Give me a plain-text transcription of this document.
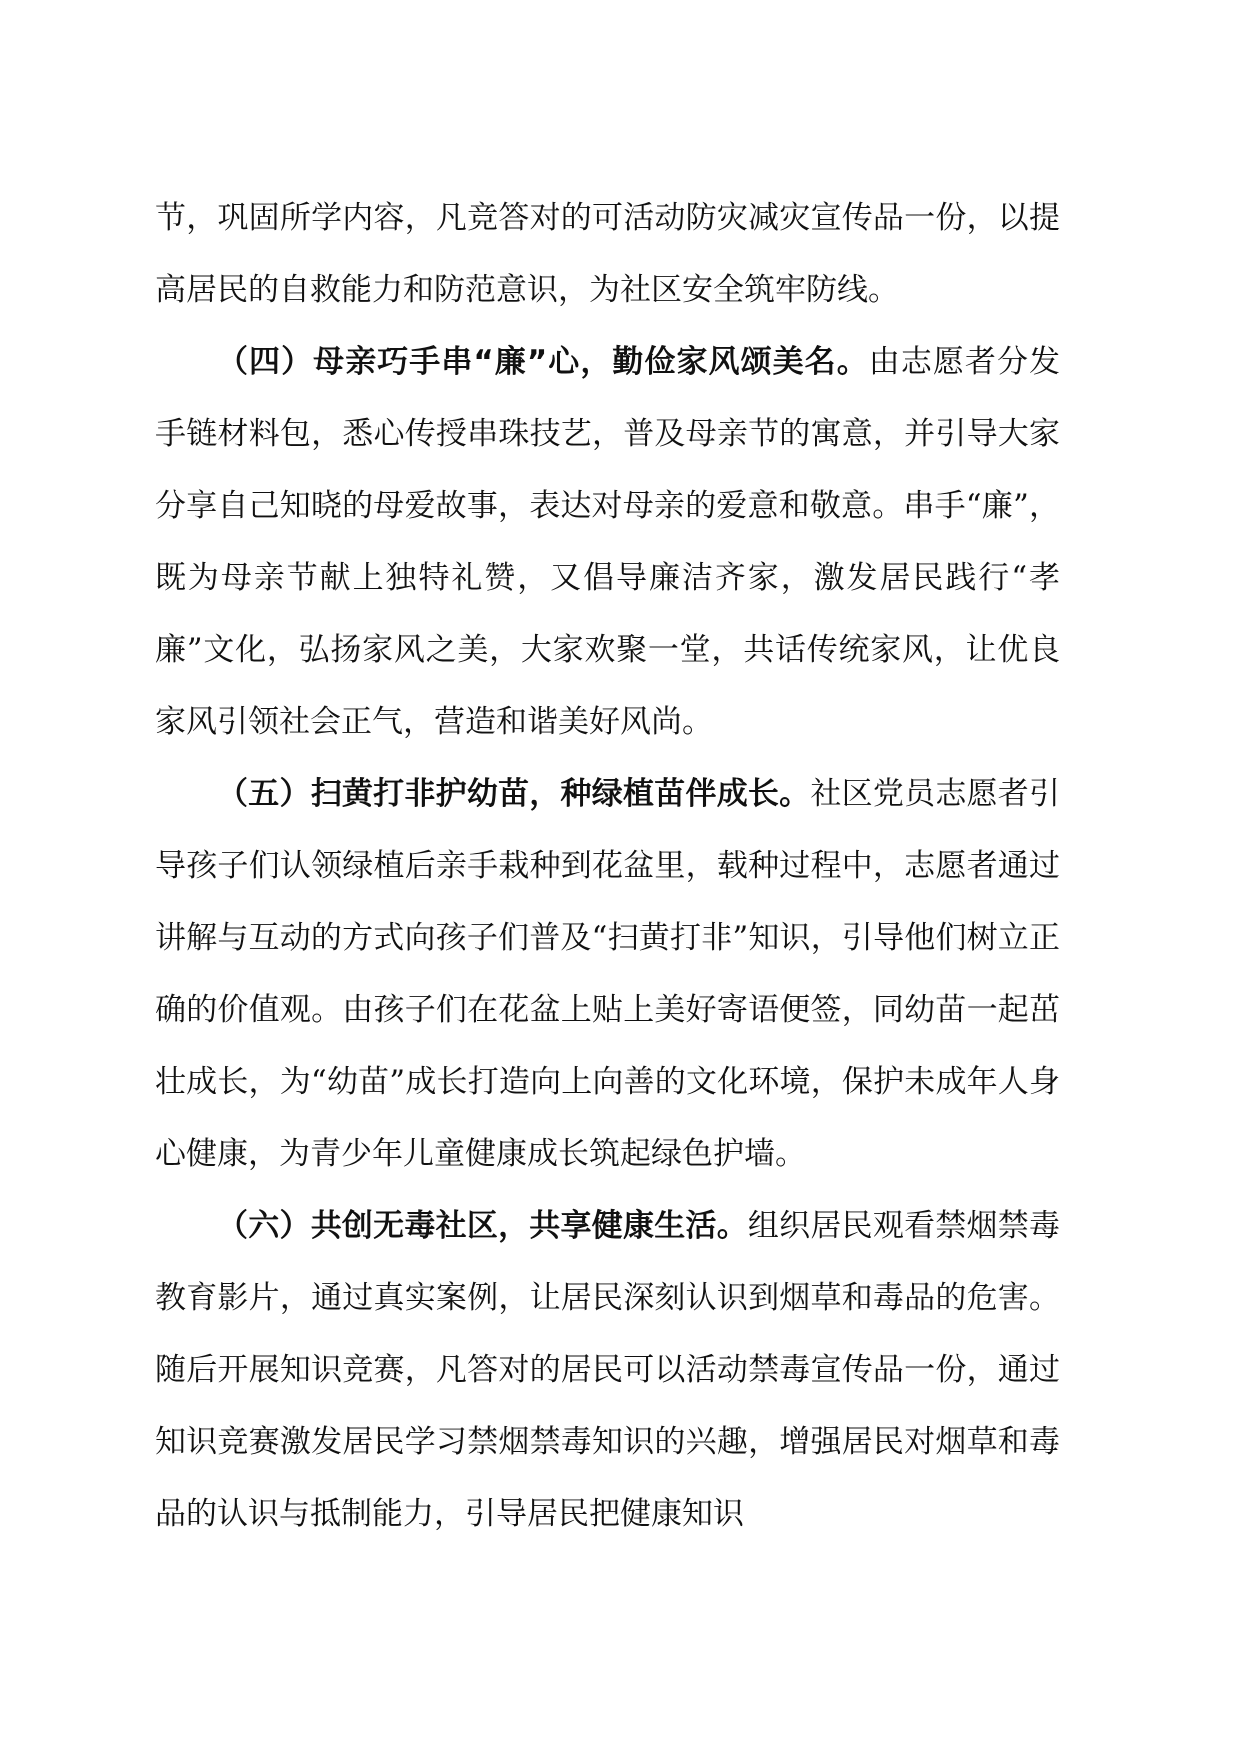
节，巩固所学内容，凡竞答对的可活动防灾减灾宣传品一份，以提高居民的自救能力和防范意识，为社区安全筑牢防线。

（四）母亲巧手串“廉”心，勤俭家风颂美名。由志愿者分发手链材料包，悉心传授串珠技艺，普及母亲节的寓意，并引导大家分享自己知晓的母爱故事，表达对母亲的爱意和敬意。串手“廉”，既为母亲节献上独特礼赞，又倡导廉洁齐家，激发居民践行“孝廉”文化，弘扬家风之美，大家欢聚一堂，共话传统家风，让优良家风引领社会正气，营造和谐美好风尚。

（五）扫黄打非护幼苗，种绿植苗伴成长。社区党员志愿者引导孩子们认领绿植后亲手栽种到花盆里，载种过程中，志愿者通过讲解与互动的方式向孩子们普及“扫黄打非”知识，引导他们树立正确的价值观。由孩子们在花盆上贴上美好寄语便签，同幼苗一起茁壮成长，为“幼苗”成长打造向上向善的文化环境，保护未成年人身心健康，为青少年儿童健康成长筑起绿色护墙。

（六）共创无毒社区，共享健康生活。组织居民观看禁烟禁毒教育影片，通过真实案例，让居民深刻认识到烟草和毒品的危害。随后开展知识竞赛，凡答对的居民可以活动禁毒宣传品一份，通过知识竞赛激发居民学习禁烟禁毒知识的兴趣，增强居民对烟草和毒品的认识与抵制能力，引导居民把健康知识
